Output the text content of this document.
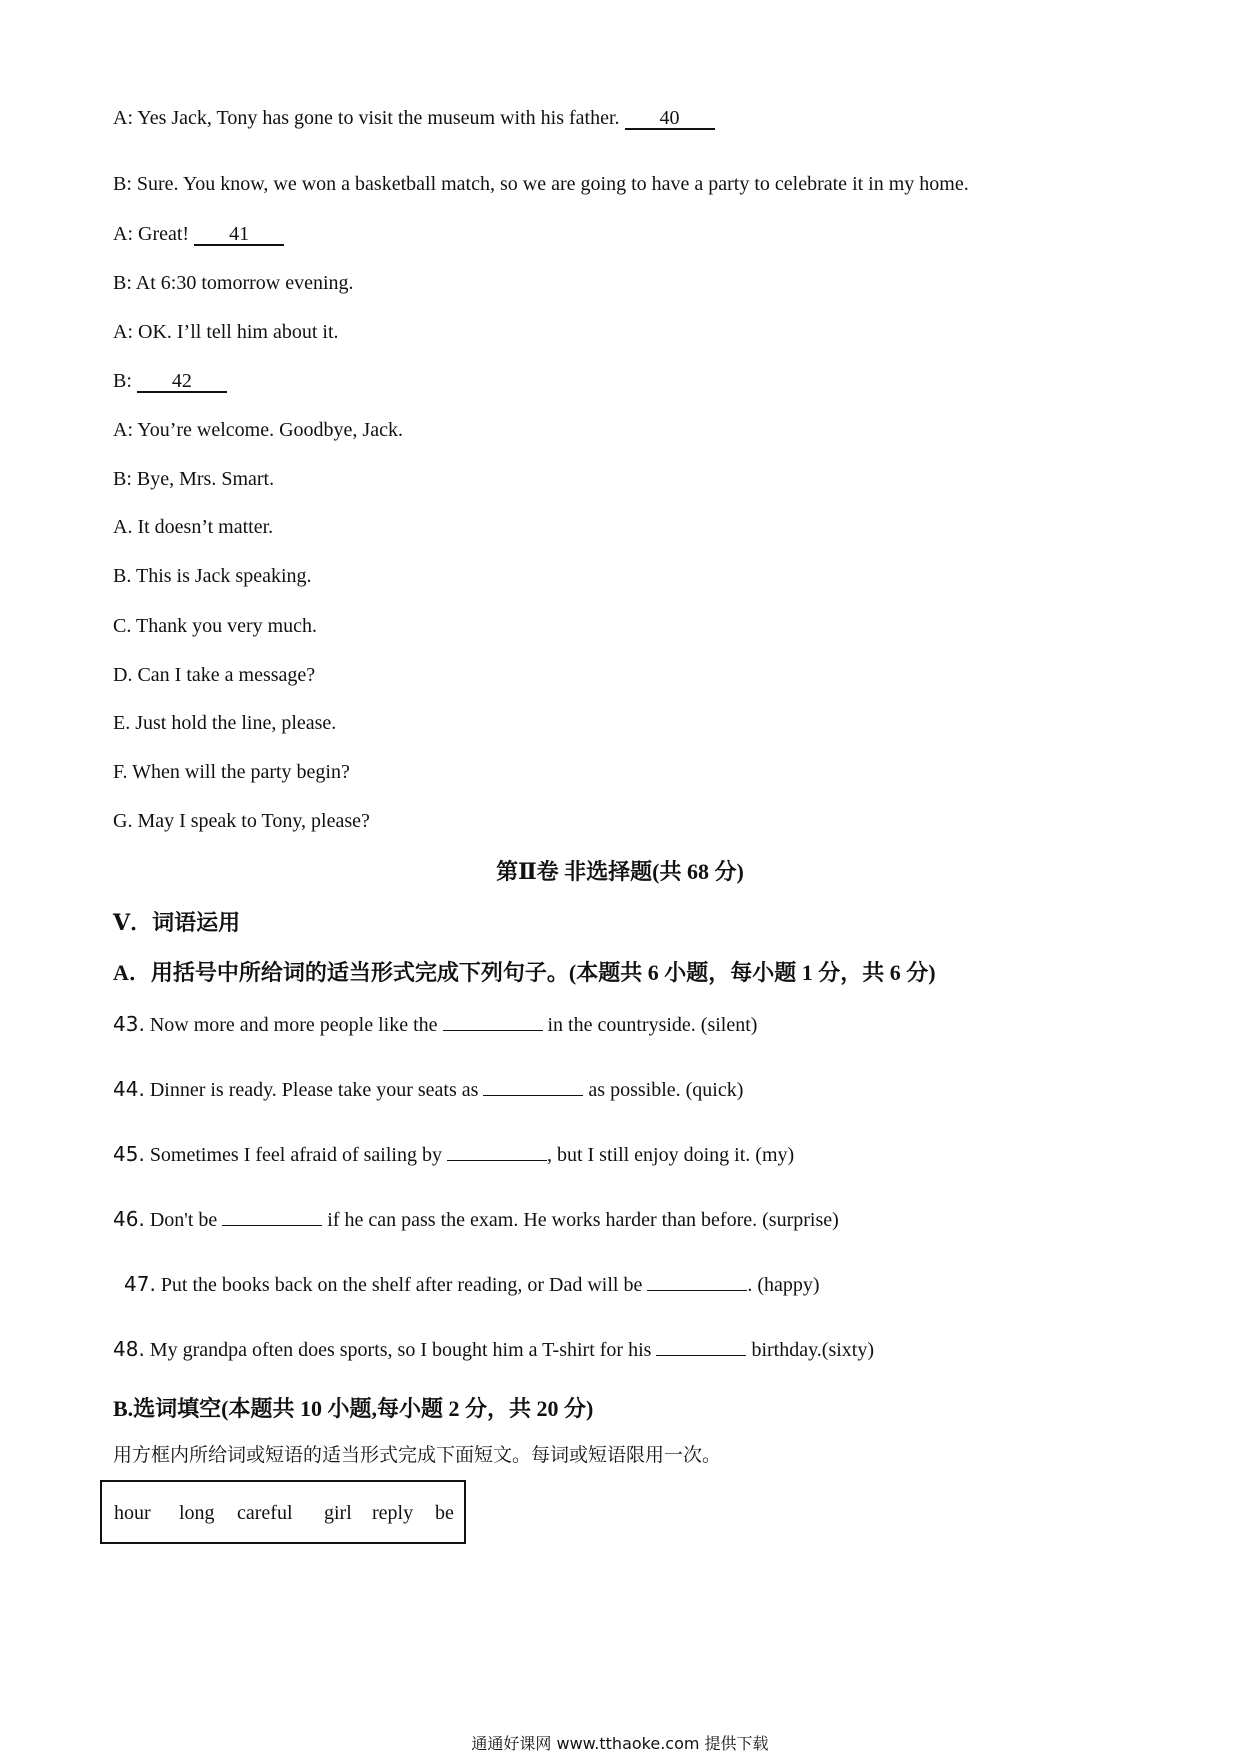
A: Yes Jack, Tony has gone to visit the museum with his father. 40
B: Sure. You know, we won a basketball match, so we are going to have a party to celebrate it in my home.
A: Great! 41
B: At 6:30 tomorrow evening.
A: OK. I’ll tell him about it.
B: 42
A: You’re welcome. Goodbye, Jack.
B: Bye, Mrs. Smart.
A. It doesn’t matter.
B. This is Jack speaking.
C. Thank you very much.
D. Can I take a message?
E. Just hold the line, please.
F. When will the party begin?
G. May I speak to Tony, please?
第Ⅱ卷 非选择题(共 68 分)
Ⅴ．词语运用
A．用括号中所给词的适当形式完成下列句子。(本题共 6 小题，每小题 1 分，共 6 分)
43. Now more and more people like the	in the countryside. (silent)
44. Dinner is ready. Please take your seats as	as possible. (quick)
45. Sometimes I feel afraid of sailing by	, but I still enjoy doing it. (my)
46. Don't be	if he can pass the exam. He works harder than before. (surprise)
47. Put the books back on the shelf after reading, or Dad will be	. (happy)
48. My grandpa often does sports, so I bought him a T-shirt for his	birthday.(sixty)
B.选词填空(本题共 10 小题,每小题 2 分，共 20 分)
用方框内所给词或短语的适当形式完成下面短文。每词或短语限用一次。
hour long careful girl reply be
通通好课网 www.tthaoke.com 提供下载
